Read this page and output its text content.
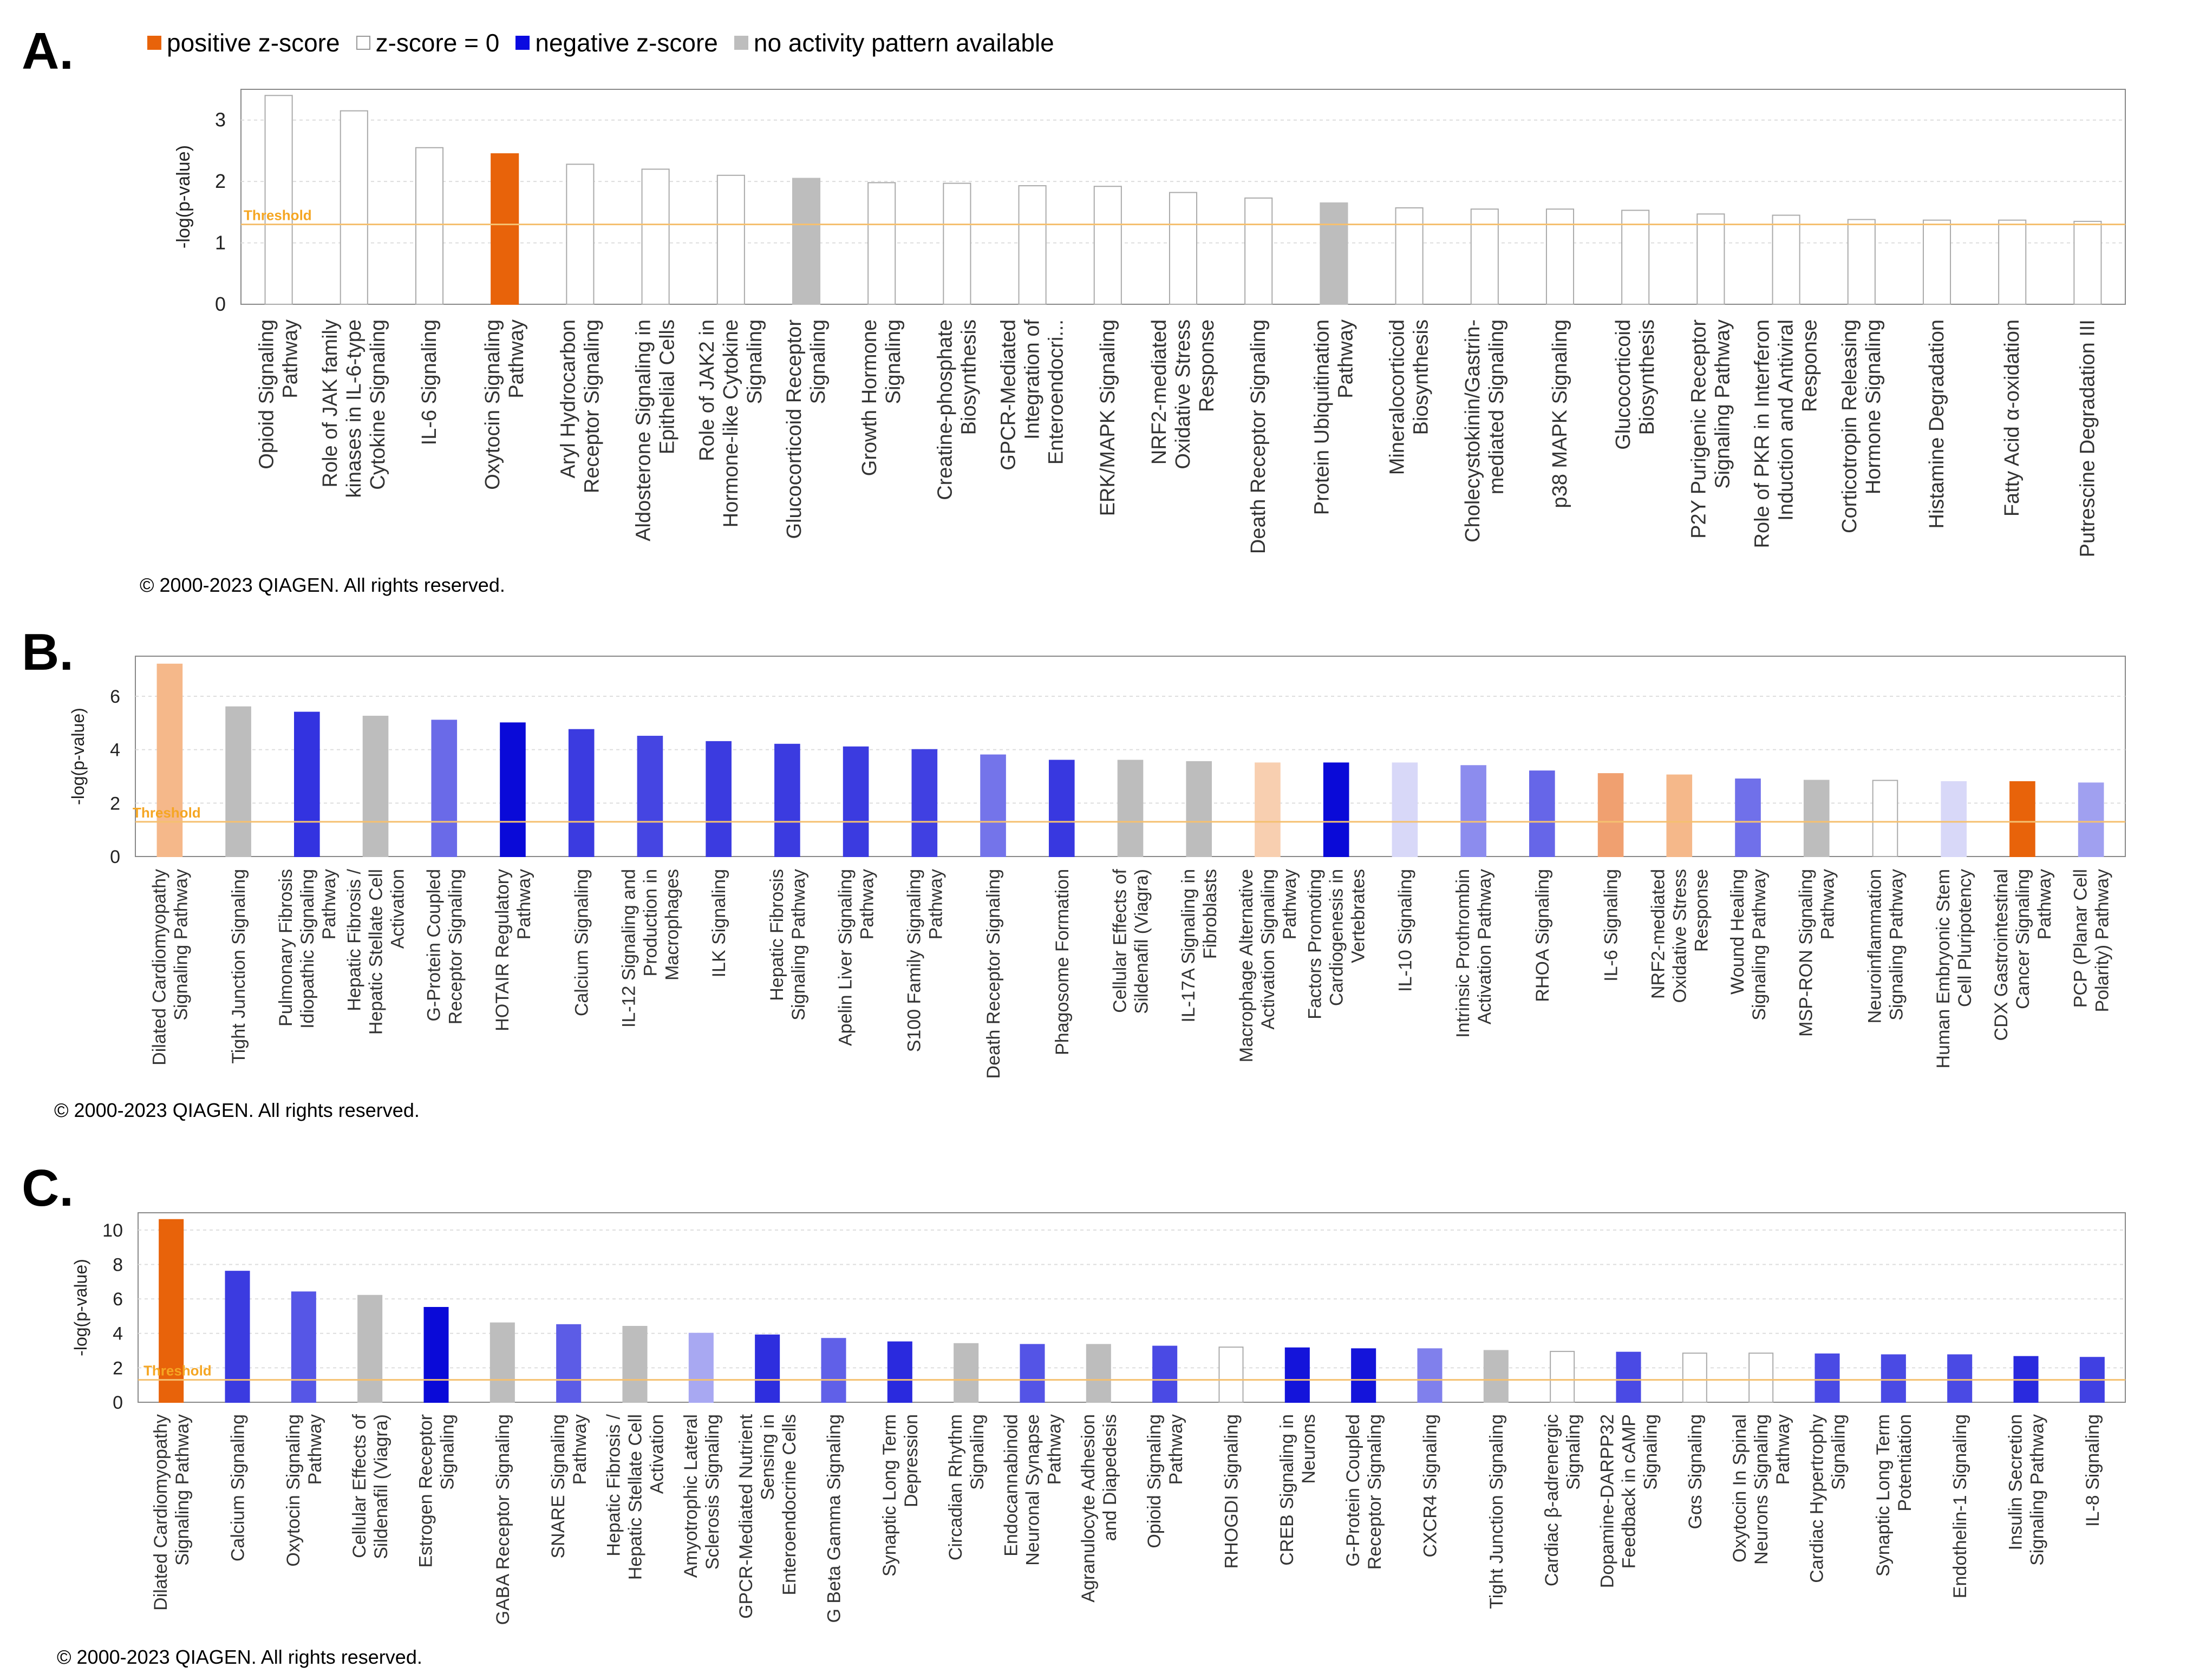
A.
B.
C.
positive z-score z-score = 0 negative z-score no activity pattern available
0
1
2
3
-log(p-value)
Opioid Signaling Pathway Role of JAK family kinases in IL-6-type Cytokine Signaling IL-6 Signaling Oxytocin Signaling Pathway Aryl Hydrocarbon Receptor Signaling Aldosterone Signaling in Epithelial Cells Role of JAK2 in Hormone-like Cytokine Signaling Glucocorticoid Receptor Signaling Growth Hormone Signaling Creatine-phosphate Biosynthesis GPCR-Mediated Integration of Enteroendocri... ERK/MAPK Signaling NRF2-mediated Oxidative Stress Response Death Receptor Signaling Protein Ubiquitination Pathway Mineralocorticoid Biosynthesis Cholecystokinin/Gastrin- mediated Signaling p38 MAPK Signaling Glucocorticoid Biosynthesis P2Y Purigenic Receptor Signaling Pathway Role of PKR in Interferon Induction and Antiviral Response Corticotropin Releasing Hormone Signaling Histamine Degradation	Fatty Acid α-oxidation	Putrescine Degradation III
Threshold
0
2
4
6
-log(p-value)
Dilated Cardiomyopathy Signaling Pathway Tight Junction Signaling Pulmonary Fibrosis Idiopathic Signaling Pathway Hepatic Fibrosis / Hepatic Stellate Cell Activation G-Protein Coupled Receptor Signaling HOTAIR Regulatory Pathway Calcium Signaling IL-12 Signaling and Production in Macrophages ILK Signaling Hepatic Fibrosis Signaling Pathway Apelin Liver Signaling Pathway S100 Family Signaling Pathway Death Receptor Signaling	Phagosome Formation Cellular Effects of Sildenafil (Viagra) IL-17A Signaling in Fibroblasts Macrophage Alternative Activation Signaling Pathway Factors Promoting Cardiogenesis in Vertebrates IL-10 Signaling Intrinsic Prothrombin Activation Pathway RHOA Signaling	IL-6 Signaling NRF2-mediated Oxidative Stress Response Wound Healing Signaling Pathway MSP-RON Signaling Pathway Neuroinflammation Signaling Pathway Human Embryonic Stem Cell Pluripotency CDX Gastrointestinal Cancer Signaling Pathway PCP (Planar Cell Polarity) Pathway
Threshold
0
2
4
6
8
10
-log(p-value)
Dilated Cardiomyopathy Signaling Pathway Calcium Signaling Oxytocin Signaling Pathway Cellular Effects of Sildenafil (Viagra) Estrogen Receptor Signaling GABA Receptor Signaling SNARE Signaling Pathway Hepatic Fibrosis / Hepatic Stellate Cell Activation Amyotrophic Lateral Sclerosis Signaling GPCR-Mediated Nutrient Sensing in Enteroendocrine Cells G Beta Gamma Signaling Synaptic Long Term Depression Circadian Rhythm Signaling Endocannabinoid Neuronal Synapse Pathway Agranulocyte Adhesion and Diapedesis Opioid Signaling Pathway RHOGDI Signaling CREB Signaling in Neurons G-Protein Coupled Receptor Signaling CXCR4 Signaling Tight Junction Signaling Cardiac β-adrenergic Signaling Dopamine-DARPP32 Feedback in cAMP Signaling Gαs Signaling Oxytocin In Spinal Neurons Signaling Pathway Cardiac Hypertrophy Signaling Synaptic Long Term Potentiation Endothelin-1 Signaling Insulin Secretion Signaling Pathway IL-8 Signaling
Threshold
© 2000-2023 QIAGEN. All rights reserved.
© 2000-2023 QIAGEN. All rights reserved.
© 2000-2023 QIAGEN. All rights reserved.
